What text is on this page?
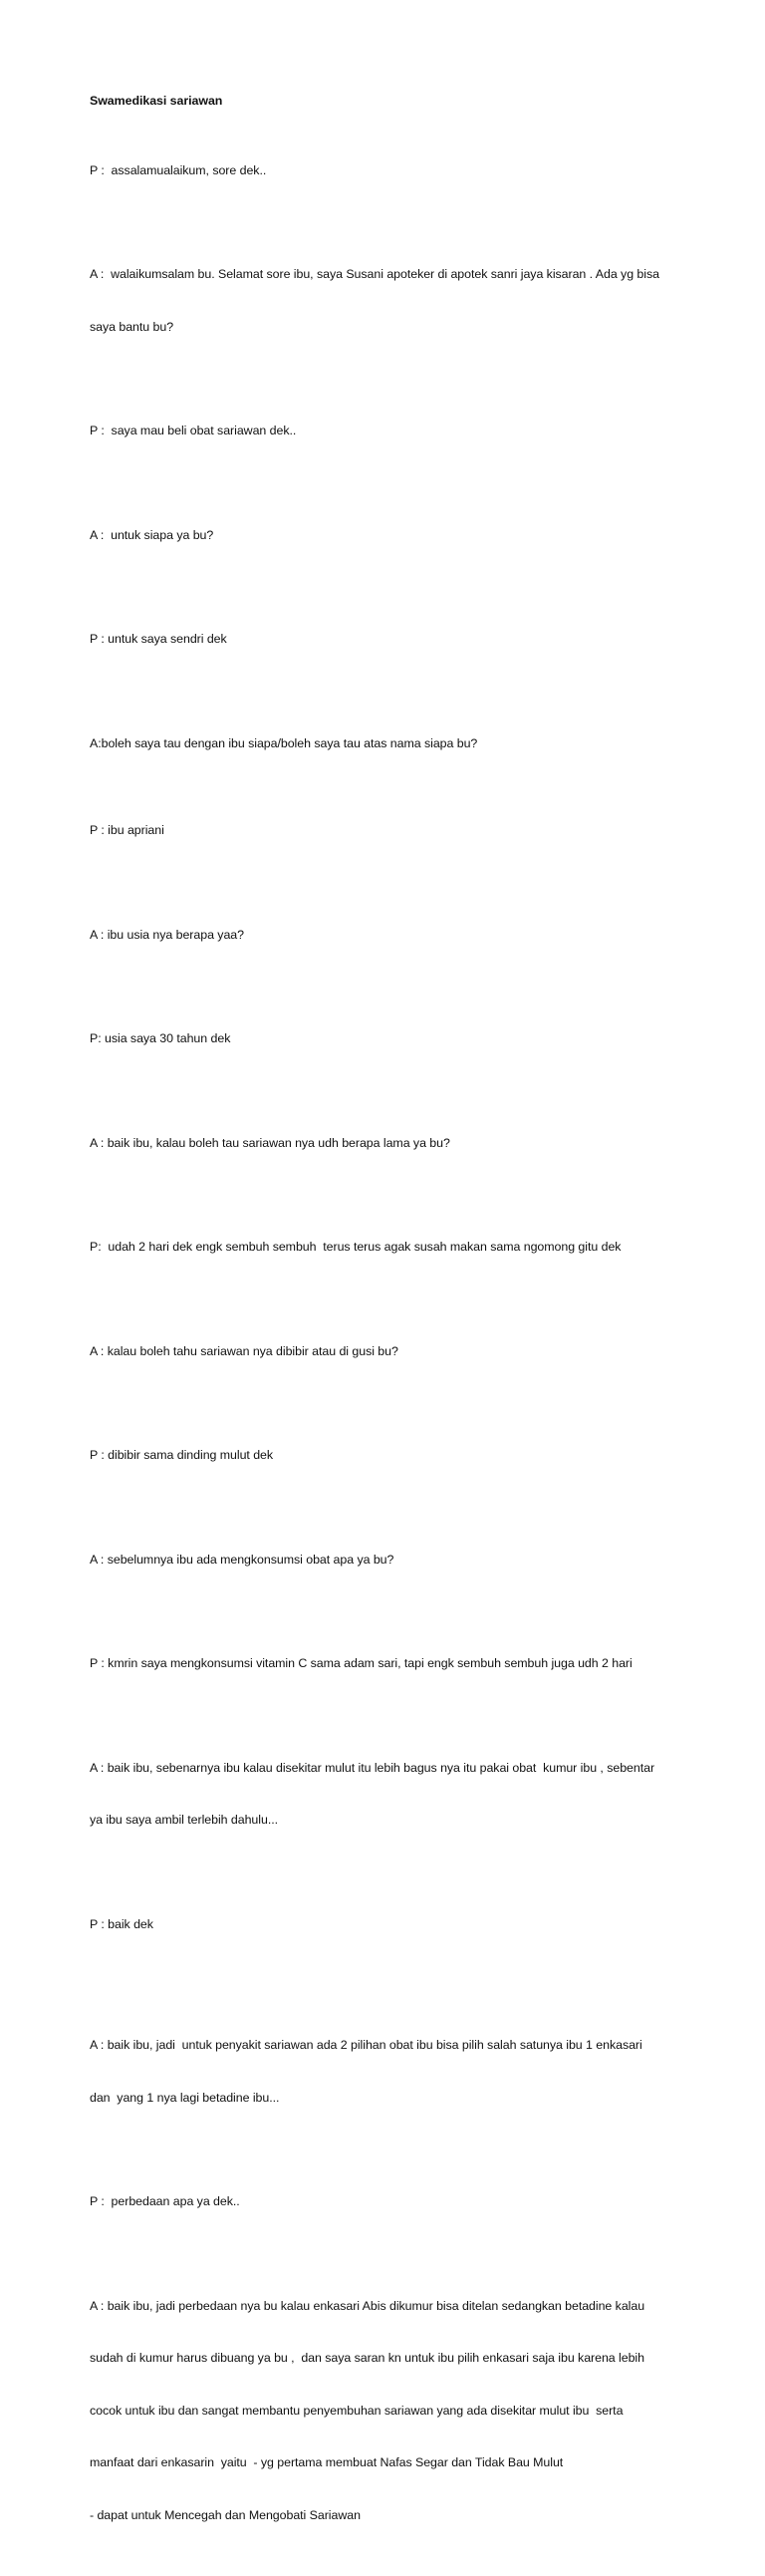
Swamedikasi sariawan

P :  assalamualaikum, sore dek..

A :  walaikumsalam bu. Selamat sore ibu, saya Susani apoteker di apotek sanri jaya kisaran . Ada yg bisa

saya bantu bu?

P :  saya mau beli obat sariawan dek..

A :  untuk siapa ya bu?

P : untuk saya sendri dek

A:boleh saya tau dengan ibu siapa/boleh saya tau atas nama siapa bu?

P : ibu apriani

A : ibu usia nya berapa yaa?

P: usia saya 30 tahun dek

A : baik ibu, kalau boleh tau sariawan nya udh berapa lama ya bu?

P:  udah 2 hari dek engk sembuh sembuh  terus terus agak susah makan sama ngomong gitu dek

A : kalau boleh tahu sariawan nya dibibir atau di gusi bu?

P : dibibir sama dinding mulut dek

A : sebelumnya ibu ada mengkonsumsi obat apa ya bu?

P : kmrin saya mengkonsumsi vitamin C sama adam sari, tapi engk sembuh sembuh juga udh 2 hari

A : baik ibu, sebenarnya ibu kalau disekitar mulut itu lebih bagus nya itu pakai obat  kumur ibu , sebentar

ya ibu saya ambil terlebih dahulu...

P : baik dek

A : baik ibu, jadi  untuk penyakit sariawan ada 2 pilihan obat ibu bisa pilih salah satunya ibu 1 enkasari

dan  yang 1 nya lagi betadine ibu...

P :  perbedaan apa ya dek..

A : baik ibu, jadi perbedaan nya bu kalau enkasari Abis dikumur bisa ditelan sedangkan betadine kalau

sudah di kumur harus dibuang ya bu ,  dan saya saran kn untuk ibu pilih enkasari saja ibu karena lebih

cocok untuk ibu dan sangat membantu penyembuhan sariawan yang ada disekitar mulut ibu  serta

manfaat dari enkasarin  yaitu  - yg pertama membuat Nafas Segar dan Tidak Bau Mulut

- dapat untuk Mencegah dan Mengobati Sariawan
